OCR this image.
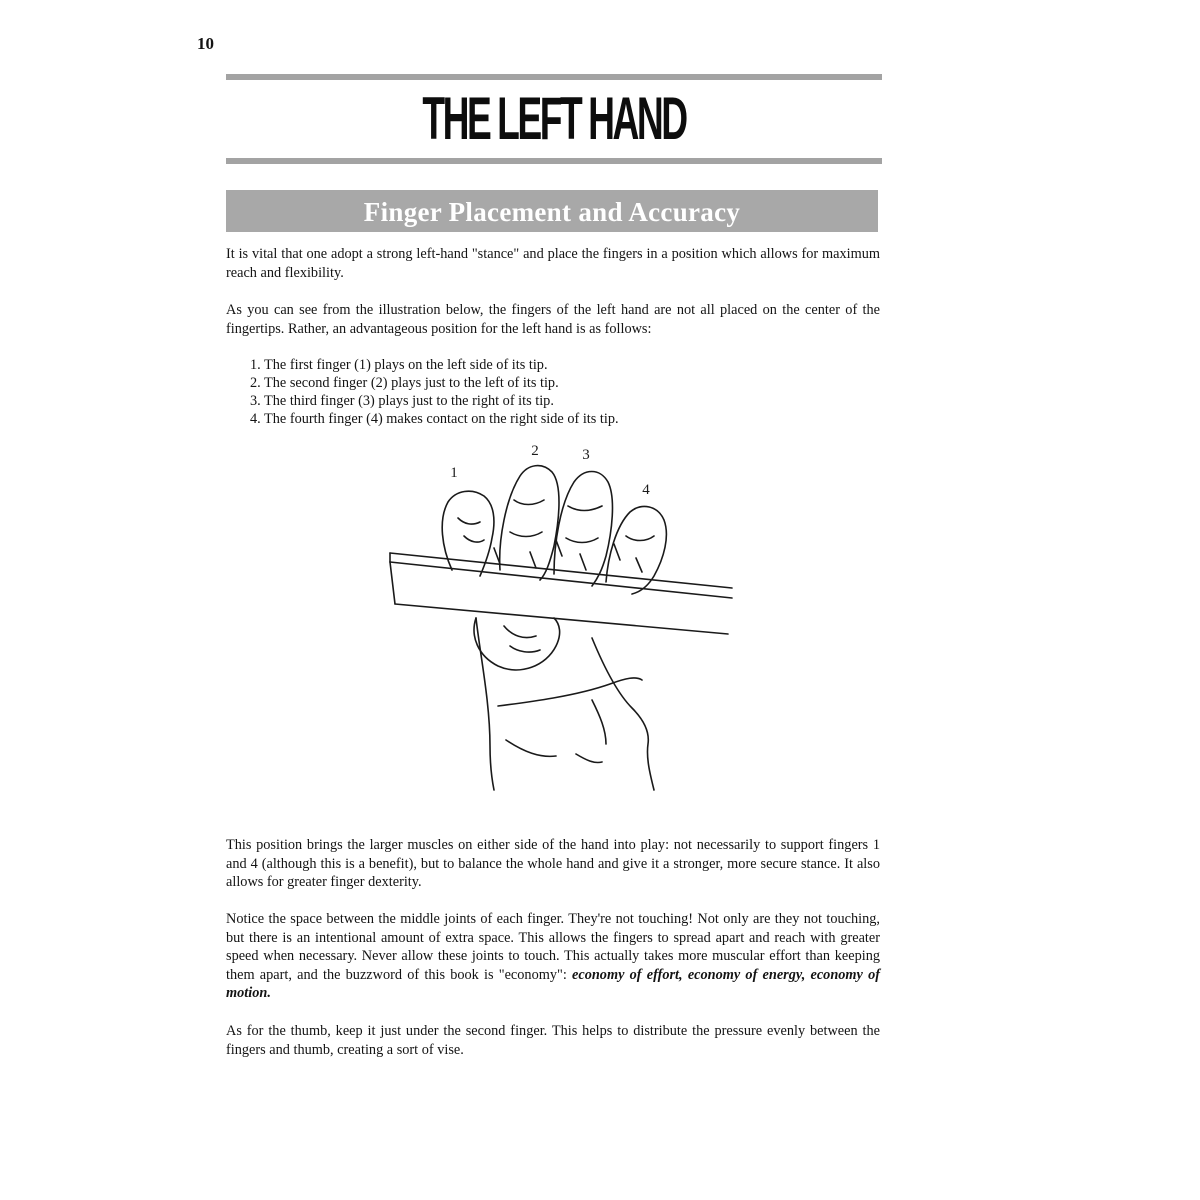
10
THE LEFT HAND
Finger Placement and Accuracy

It is vital that one adopt a strong left-hand "stance" and place the fingers in a position which allows for maximum reach and flexibility.

As you can see from the illustration below, the fingers of the left hand are not all placed on the center of the fingertips. Rather, an advantageous position for the left hand is as follows:

1. The first finger (1) plays on the left side of its tip.
2. The second finger (2) plays just to the left of its tip.
3. The third finger (3) plays just to the right of its tip.
4. The fourth finger (4) makes contact on the right side of its tip.
1
2	3
4

This position brings the larger muscles on either side of the hand into play: not necessarily to support fingers 1 and 4 (although this is a benefit), but to balance the whole hand and give it a stronger, more secure stance. It also allows for greater finger dexterity.

Notice the space between the middle joints of each finger. They're not touching! Not only are they not touching, but there is an intentional amount of extra space. This allows the fingers to spread apart and reach with greater speed when necessary. Never allow these joints to touch. This actually takes more muscular effort than keeping them apart, and the buzzword of this book is "economy": economy of effort, economy of energy, economy of motion.

As for the thumb, keep it just under the second finger. This helps to distribute the pressure evenly between the fingers and thumb, creating a sort of vise.
